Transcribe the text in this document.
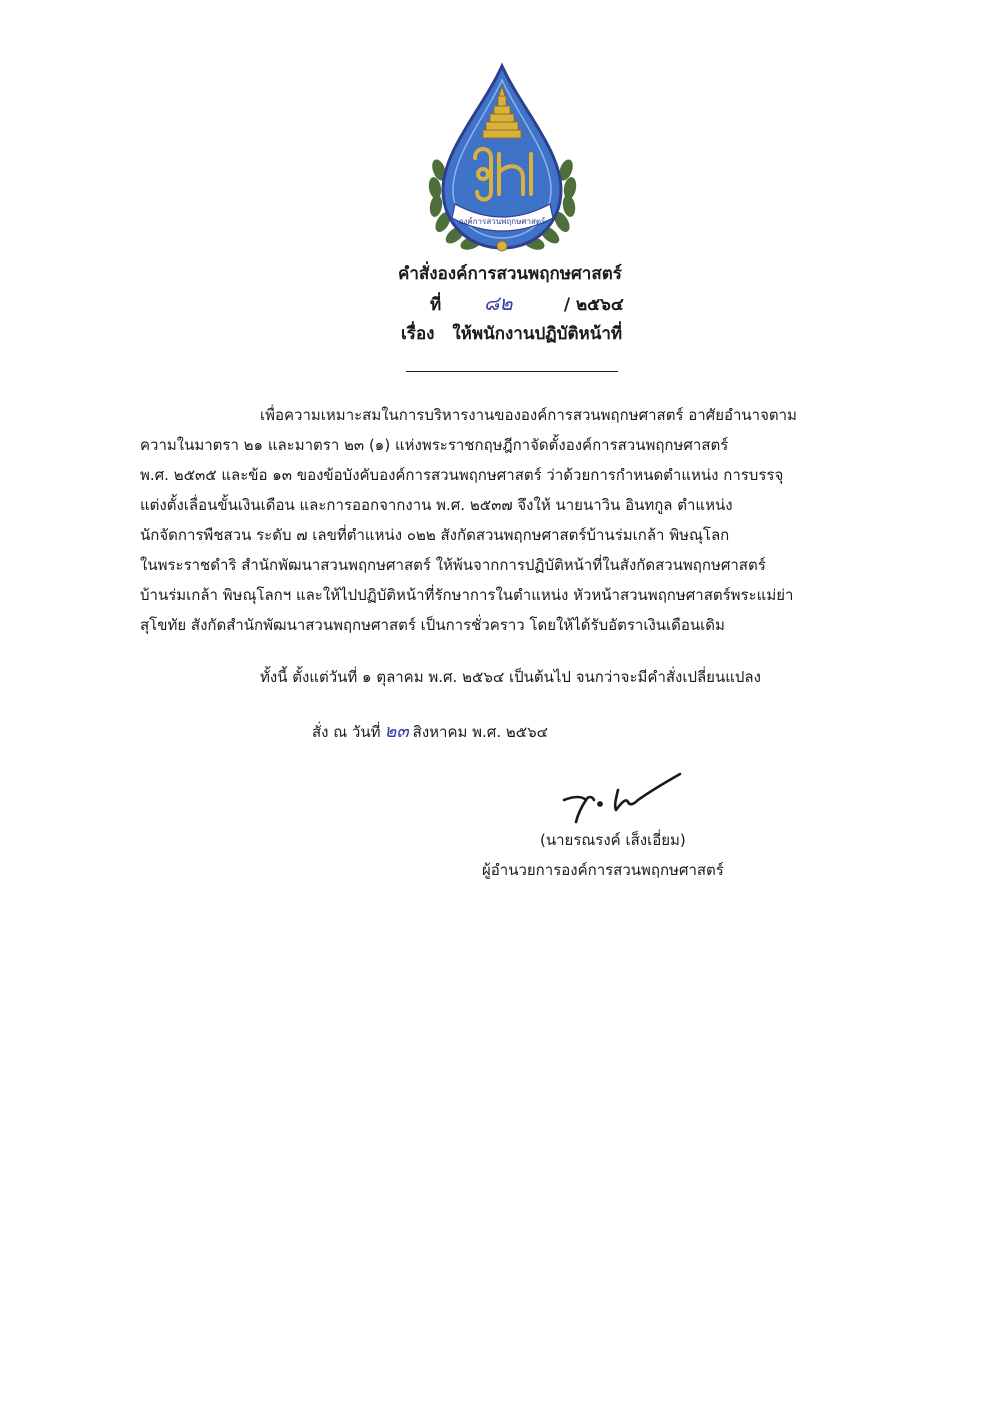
องค์การสวนพฤกษศาสตร์
คำสั่งองค์การสวนพฤกษศาสตร์
ที่ ๘๒	/ ๒๕๖๔
เรื่อง ให้พนักงานปฏิบัติหน้าที่
เพื่อความเหมาะสมในการบริหารงานขององค์การสวนพฤกษศาสตร์ อาศัยอำนาจตาม
ความในมาตรา ๒๑ และมาตรา ๒๓ (๑) แห่งพระราชกฤษฎีกาจัดตั้งองค์การสวนพฤกษศาสตร์
พ.ศ. ๒๕๓๕ และข้อ ๑๓ ของข้อบังคับองค์การสวนพฤกษศาสตร์ ว่าด้วยการกำหนดตำแหน่ง การบรรจุ
แต่งตั้งเลื่อนขั้นเงินเดือน และการออกจากงาน พ.ศ. ๒๕๓๗ จึงให้ นายนาวิน อินทกูล ตำแหน่ง
นักจัดการพืชสวน ระดับ ๗ เลขที่ตำแหน่ง ๐๒๒ สังกัดสวนพฤกษศาสตร์บ้านร่มเกล้า พิษณุโลก
ในพระราชดำริ สำนักพัฒนาสวนพฤกษศาสตร์ ให้พ้นจากการปฏิบัติหน้าที่ในสังกัดสวนพฤกษศาสตร์
บ้านร่มเกล้า พิษณุโลกฯ และให้ไปปฏิบัติหน้าที่รักษาการในตำแหน่ง หัวหน้าสวนพฤกษศาสตร์พระแม่ย่า
สุโขทัย สังกัดสำนักพัฒนาสวนพฤกษศาสตร์ เป็นการชั่วคราว โดยให้ได้รับอัตราเงินเดือนเดิม
ทั้งนี้ ตั้งแต่วันที่ ๑ ตุลาคม พ.ศ. ๒๕๖๔ เป็นต้นไป จนกว่าจะมีคำสั่งเปลี่ยนแปลง
สั่ง ณ วันที่ ๒๓ สิงหาคม พ.ศ. ๒๕๖๔
(นายรณรงค์ เส็งเอี่ยม)
ผู้อำนวยการองค์การสวนพฤกษศาสตร์
